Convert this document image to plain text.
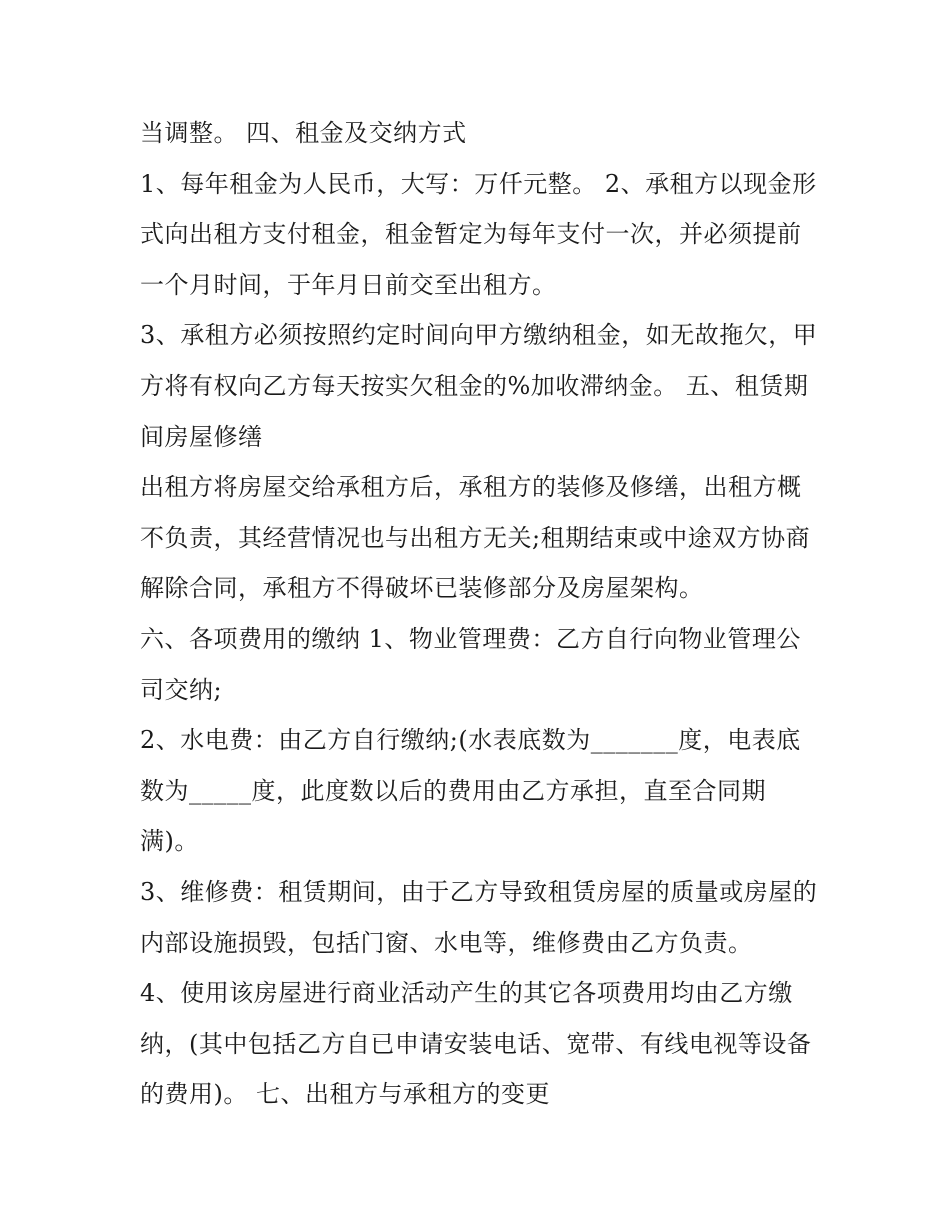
当调整。 四、租金及交纳方式

1、每年租金为人民币，大写：万仟元整。 2、承租方以现金形式向出租方支付租金，租金暂定为每年支付一次，并必须提前一个月时间，于年月日前交至出租方。

3、承租方必须按照约定时间向甲方缴纳租金，如无故拖欠，甲方将有权向乙方每天按实欠租金的%加收滞纳金。 五、租赁期间房屋修缮

出租方将房屋交给承租方后，承租方的装修及修缮，出租方概不负责，其经营情况也与出租方无关;租期结束或中途双方协商解除合同，承租方不得破坏已装修部分及房屋架构。

六、各项费用的缴纳 1、物业管理费：乙方自行向物业管理公司交纳;

2、水电费：由乙方自行缴纳;(水表底数为_______度，电表底数为_____度，此度数以后的费用由乙方承担，直至合同期满)。

3、维修费：租赁期间，由于乙方导致租赁房屋的质量或房屋的内部设施损毁，包括门窗、水电等，维修费由乙方负责。

4、使用该房屋进行商业活动产生的其它各项费用均由乙方缴纳，(其中包括乙方自已申请安装电话、宽带、有线电视等设备的费用)。 七、出租方与承租方的变更
